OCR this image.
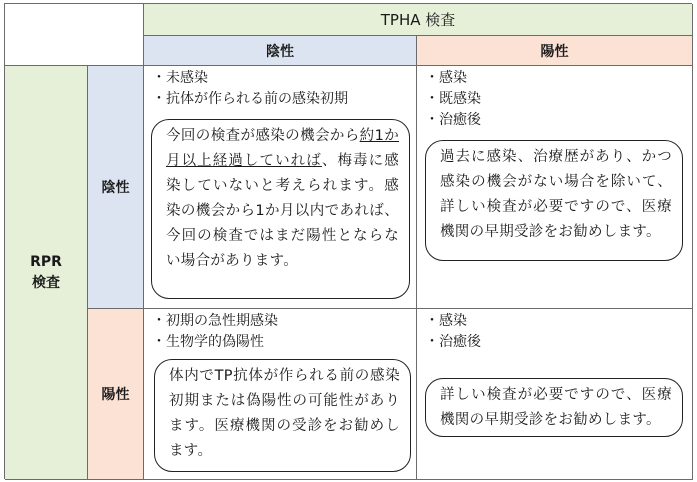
TPHA 検査
陰性	陽性
RPR
検査
陰性
陽性
・ 未感染
・ 抗体が作られる前の感染初期
今回の検査が感染の機会から約1か月以上経過していれば、梅毒に感染していないと考えられます。感染の機会から1か月以内であれば、今回の検査ではまだ陽性とならない場合があります。
・ 感染
・ 既感染
・ 治癒後
過去に感染、治療歴があり、かつ感染の機会がない場合を除いて、詳しい検査が必要ですので、医療機関の早期受診をお勧めします。
・ 初期の急性期感染
・ 生物学的偽陽性
体内でTP抗体が作られる前の感染初期または偽陽性の可能性があります。医療機関の受診をお勧めします。
・ 感染
・ 治癒後
詳しい検査が必要ですので、医療機関の早期受診をお勧めします。
